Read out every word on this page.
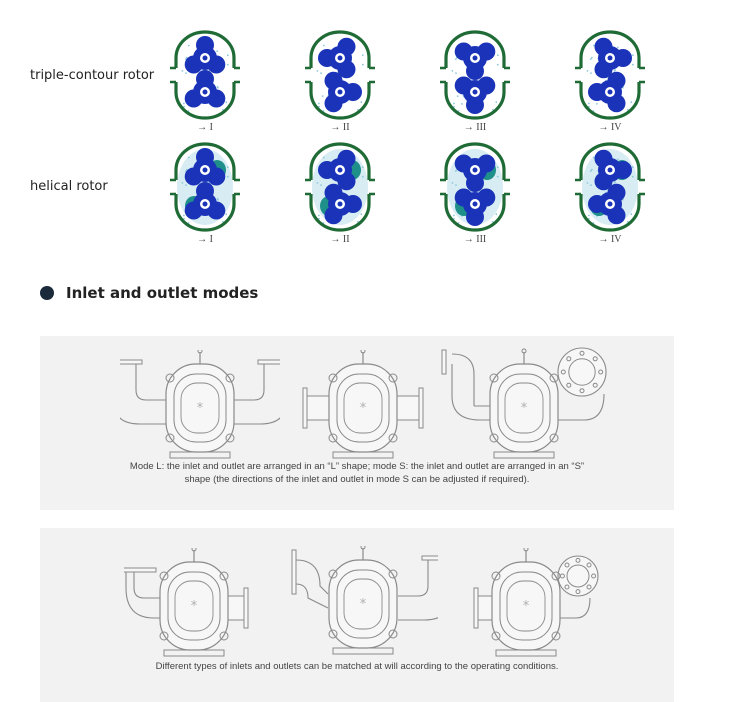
triple-contour rotor
helical rotor
→ I	→ II	→ III	→ IV
→ I	→ II	→ III	→ IV
Inlet and outlet modes
*	*	*
Mode L: the inlet and outlet are arranged in an “L” shape; mode S: the inlet and outlet are arranged in an “S”
shape (the directions of the inlet and outlet in mode S can be adjusted if required).
*	*	*
Different types of inlets and outlets can be matched at will according to the operating conditions.
